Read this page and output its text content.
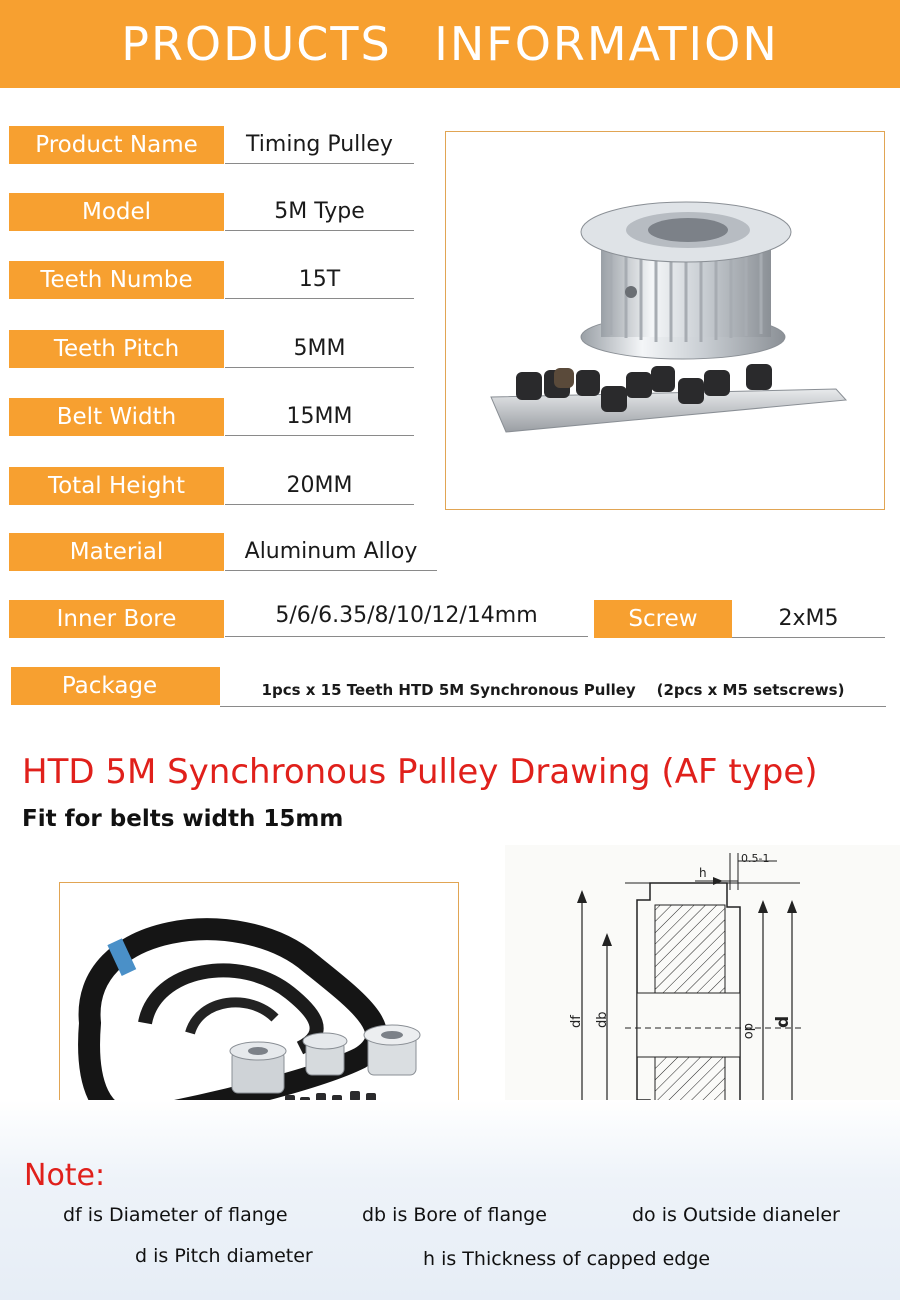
PRODUCTS INFORMATION
Product Name	Timing Pulley
Model	5M Type
Teeth Numbe	15T
Teeth Pitch	5MM
Belt Width	15MM
Total Height	20MM
Material	Aluminum Alloy
Inner Bore	5/6/6.35/8/10/12/14mm	Screw	2xM5
Package	1pcs x 15 Teeth HTD 5M Synchronous Pulley    (2pcs x M5 setscrews)
HTD 5M Synchronous Pulley Drawing (AF type)
Fit for belts width 15mm
h
0.5-1
df db
do
d
Note:
df is Diameter of flange	db is Bore of flange	do is Outside dianeler
d is Pitch diameter	h is Thickness of capped edge
